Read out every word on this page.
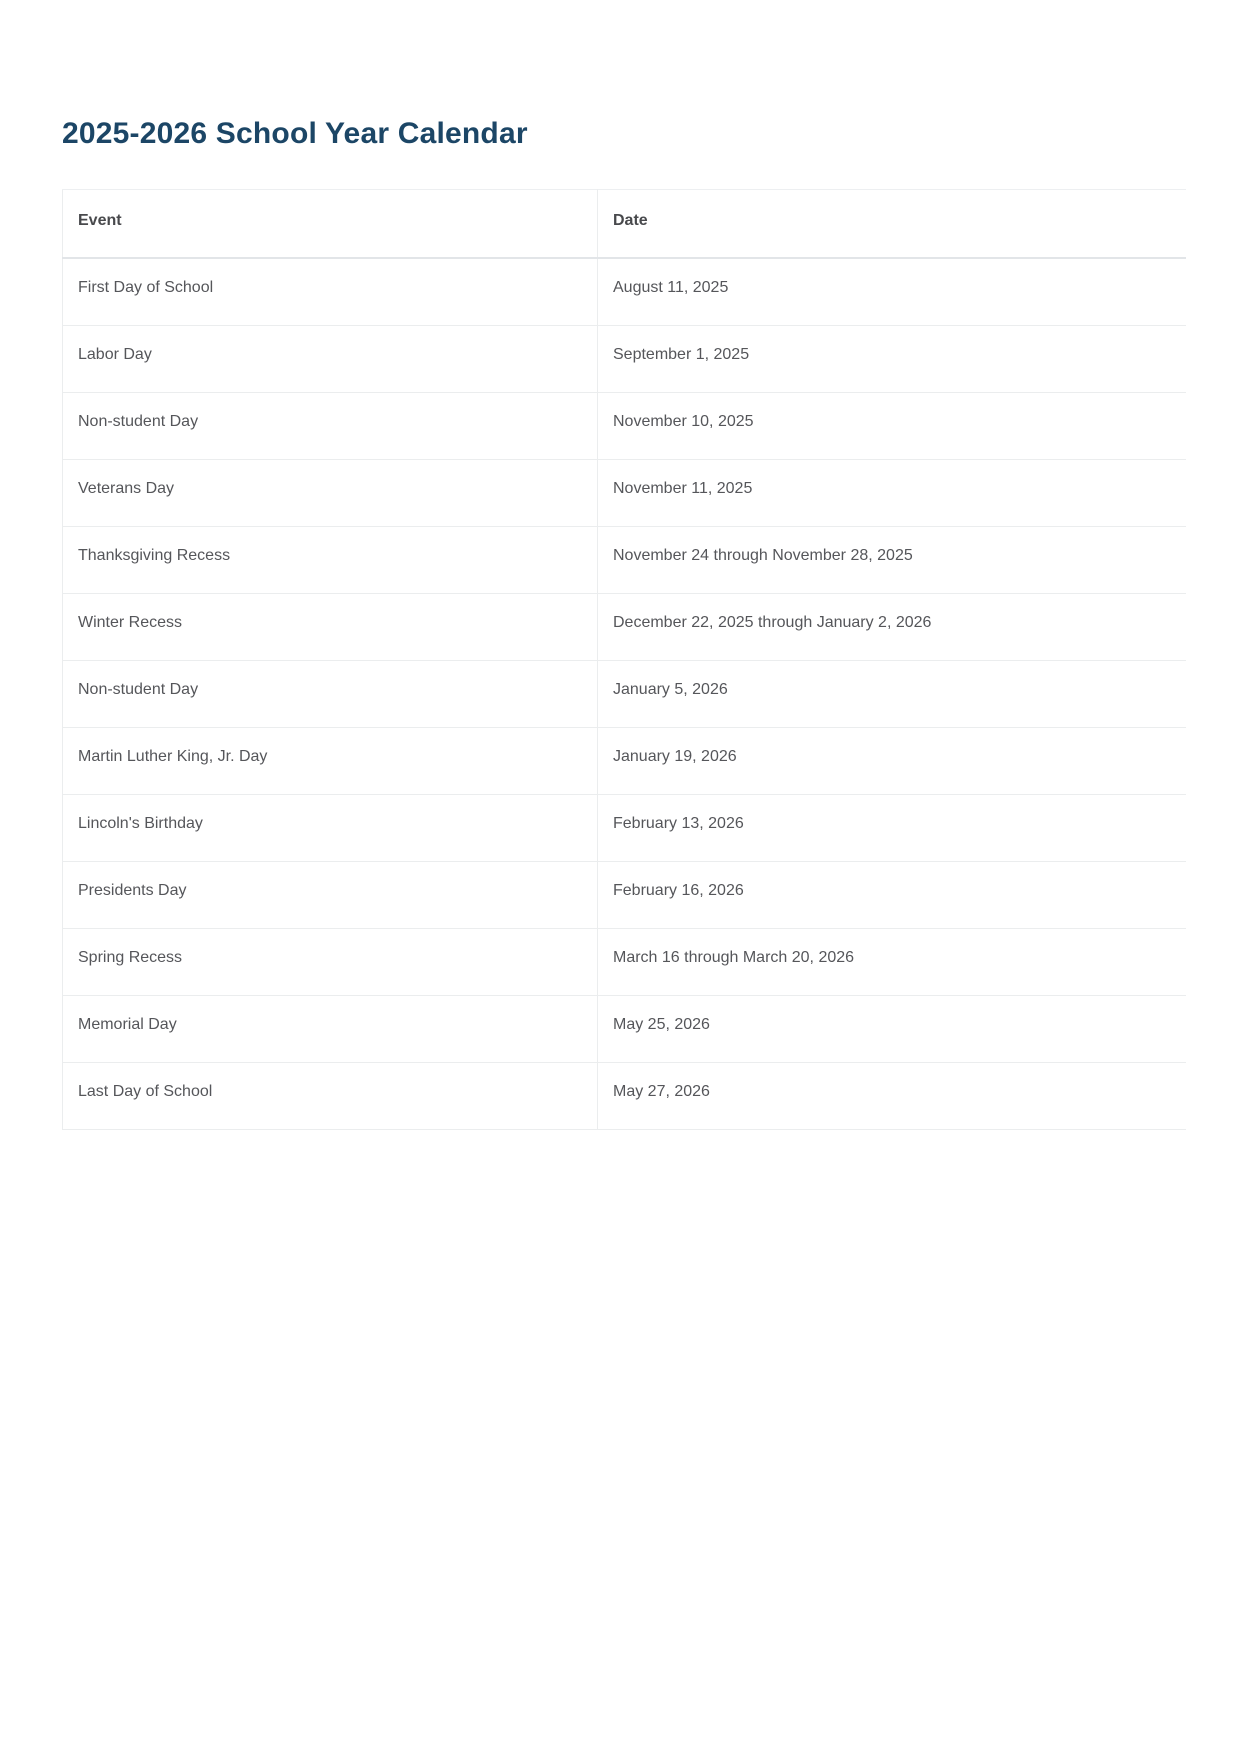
2025-2026 School Year Calendar
Event	Date
First Day of School	August 11, 2025
Labor Day	September 1, 2025
Non-student Day	November 10, 2025
Veterans Day	November 11, 2025
Thanksgiving Recess	November 24 through November 28, 2025
Winter Recess	December 22, 2025 through January 2, 2026
Non-student Day	January 5, 2026
Martin Luther King, Jr. Day	January 19, 2026
Lincoln's Birthday	February 13, 2026
Presidents Day	February 16, 2026
Spring Recess	March 16 through March 20, 2026
Memorial Day	May 25, 2026
Last Day of School	May 27, 2026
